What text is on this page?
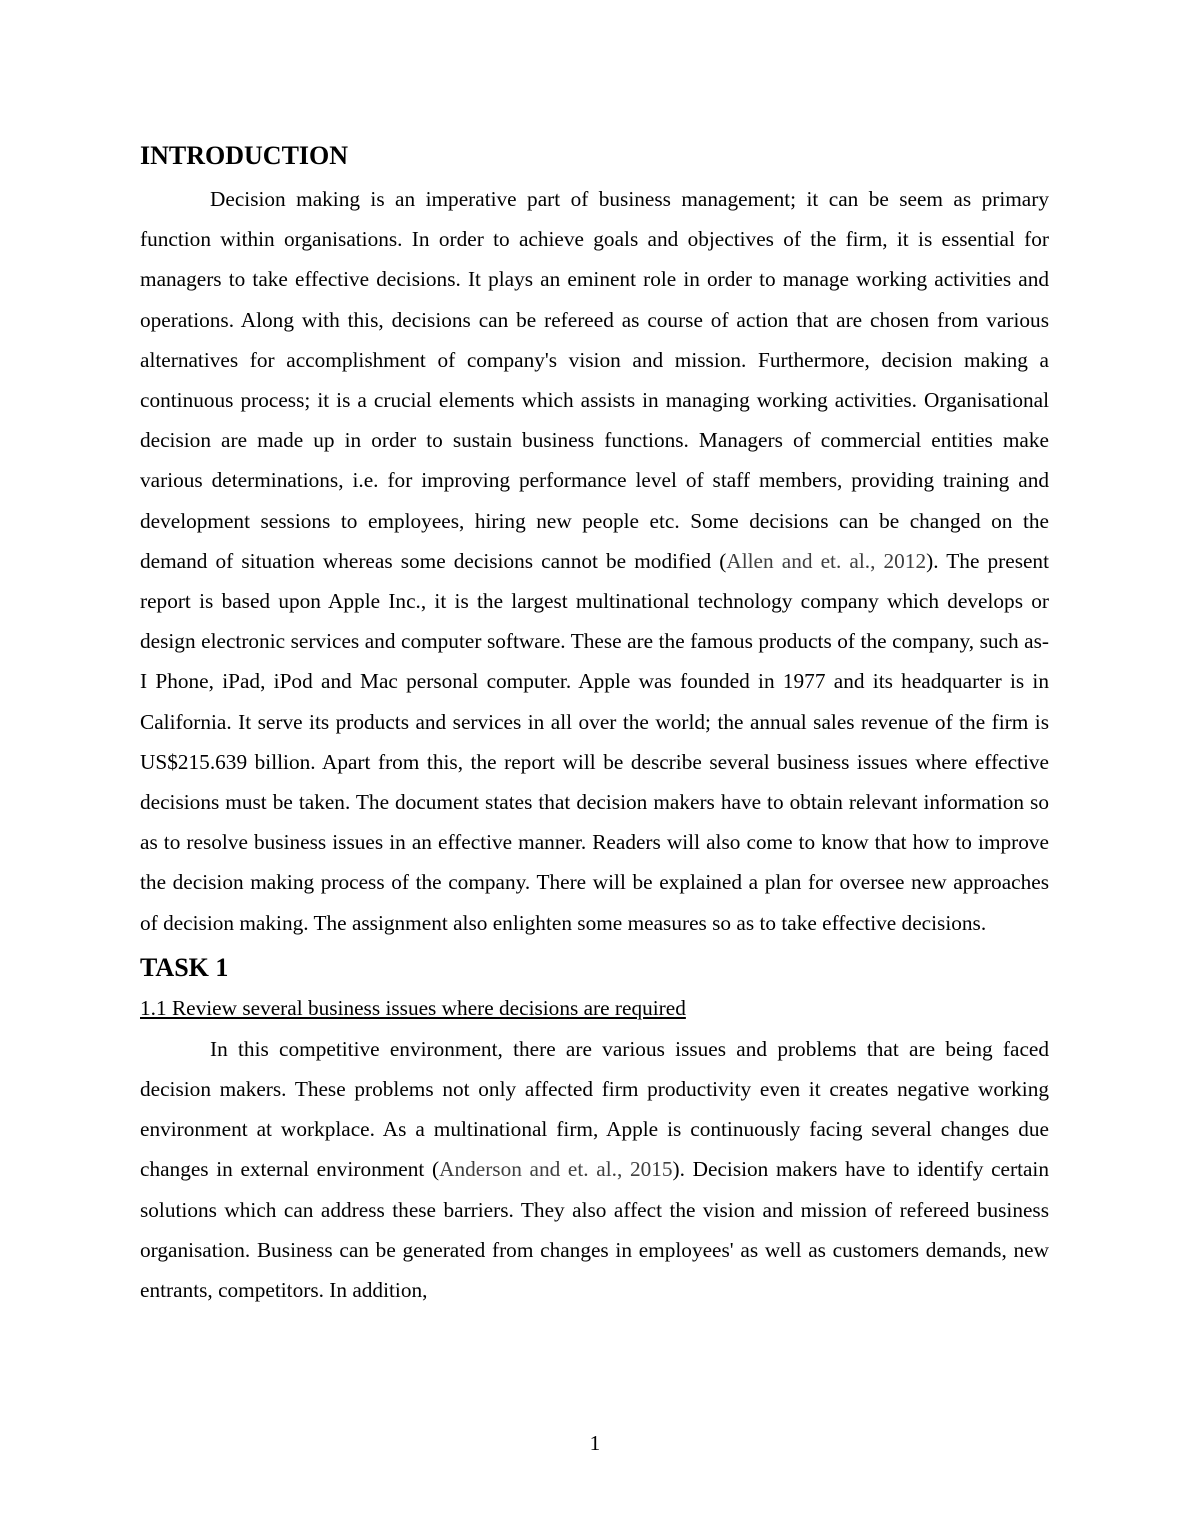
INTRODUCTION

Decision making is an imperative part of business management; it can be seem as primary function within organisations. In order to achieve goals and objectives of the firm, it is essential for managers to take effective decisions. It plays an eminent role in order to manage working activities and operations. Along with this, decisions can be refereed as course of action that are chosen from various alternatives for accomplishment of company's vision and mission. Furthermore, decision making a continuous process; it is a crucial elements which assists in managing working activities. Organisational decision are made up in order to sustain business functions. Managers of commercial entities make various determinations, i.e. for improving performance level of staff members, providing training and development sessions to employees, hiring new people etc. Some decisions can be changed on the demand of situation whereas some decisions cannot be modified (Allen and et. al., 2012). The present report is based upon Apple Inc., it is the largest multinational technology company which develops or design electronic services and computer software. These are the famous products of the company, such as- I Phone, iPad, iPod and Mac personal computer. Apple was founded in 1977 and its headquarter is in California. It serve its products and services in all over the world; the annual sales revenue of the firm is US$215.639 billion. Apart from this, the report will be describe several business issues where effective decisions must be taken. The document states that decision makers have to obtain relevant information so as to resolve business issues in an effective manner. Readers will also come to know that how to improve the decision making process of the company. There will be explained a plan for oversee new approaches of decision making. The assignment also enlighten some measures so as to take effective decisions.

TASK 1
1.1 Review several business issues where decisions are required

In this competitive environment, there are various issues and problems that are being faced decision makers. These problems not only affected firm productivity even it creates negative working environment at workplace. As a multinational firm, Apple is continuously facing several changes due changes in external environment (Anderson and et. al., 2015). Decision makers have to identify certain solutions which can address these barriers. They also affect the vision and mission of refereed business organisation. Business can be generated from changes in employees' as well as customers demands, new entrants, competitors. In addition,

1
